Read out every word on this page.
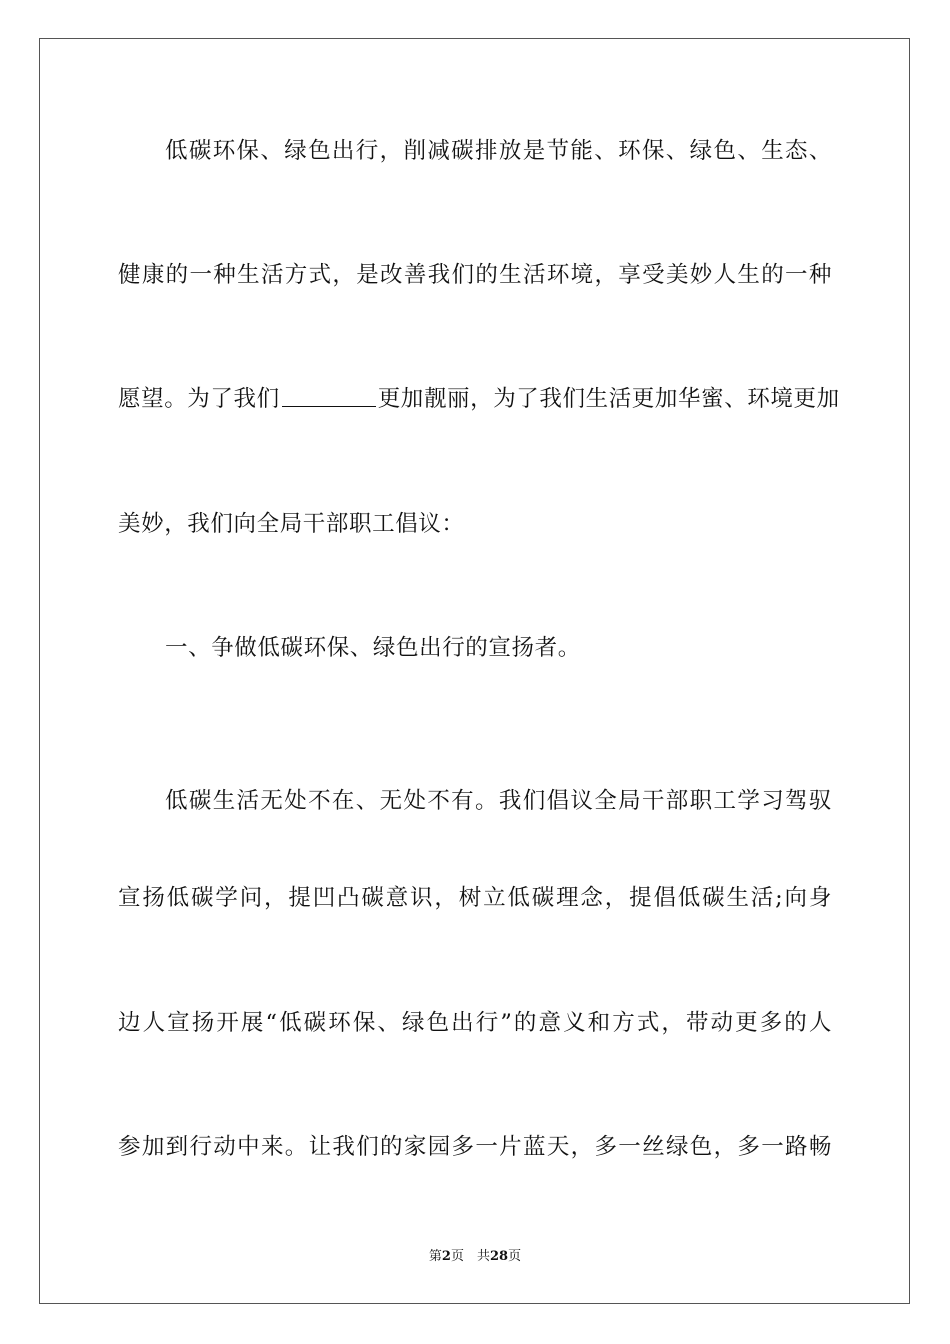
低碳环保、绿色出行，削减碳排放是节能、环保、绿色、生态、
健康的一种生活方式，是改善我们的生活环境，享受美妙人生的一种
愿望。为了我们	更加靓丽，为了我们生活更加华蜜、环境更加
美妙，我们向全局干部职工倡议：
一、争做低碳环保、绿色出行的宣扬者。
低碳生活无处不在、无处不有。我们倡议全局干部职工学习驾驭
宣扬低碳学问，提凹凸碳意识，树立低碳理念，提倡低碳生活;向身
边人宣扬开展“低碳环保、绿色出行”的意义和方式，带动更多的人
参加到行动中来。让我们的家园多一片蓝天，多一丝绿色，多一路畅
第2页　共28页
